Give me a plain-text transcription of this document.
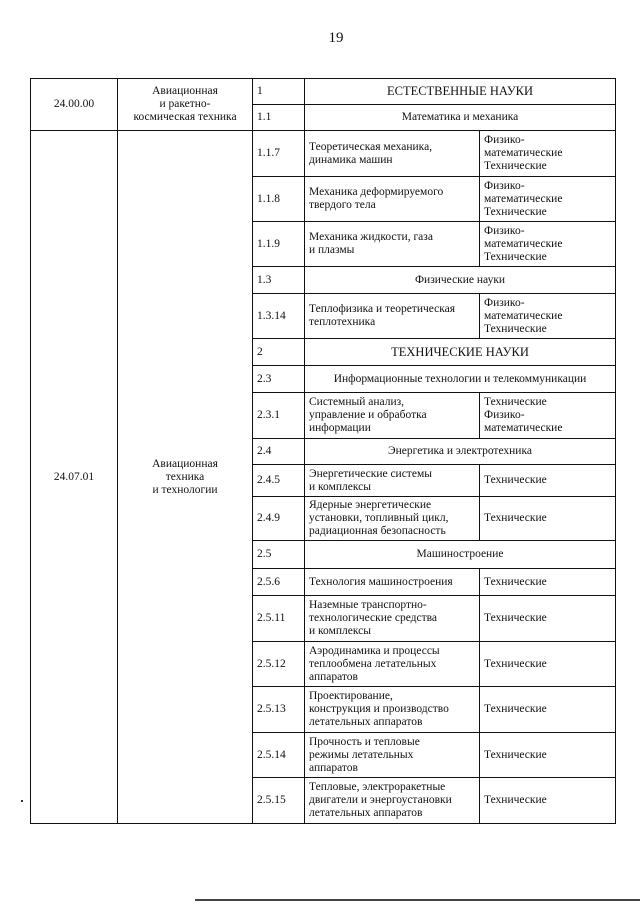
19
24.00.00	Авиационная
и ракетно-
космическая техника	1	ЕСТЕСТВЕННЫЕ НАУКИ	
		1.1	Математика и механика	
24.07.01	Авиационная
техника
и технологии	1.1.7	Теоретическая механика,
динамика машин	Физико-
математические
Технические
		1.1.8	Механика деформируемого
твердого тела	Физико-
математические
Технические
		1.1.9	Механика жидкости, газа
и плазмы	Физико-
математические
Технические
		1.3	Физические науки	
		1.3.14	Теплофизика и теоретическая
теплотехника	Физико-
математические
Технические
		2	ТЕХНИЧЕСКИЕ НАУКИ	
		2.3	Информационные технологии и телекоммуникации	
		2.3.1	Системный анализ,
управление и обработка
информации	Технические
Физико-
математические
		2.4	Энергетика и электротехника	
		2.4.5	Энергетические системы
и комплексы	Технические
		2.4.9	Ядерные энергетические
установки, топливный цикл,
радиационная безопасность	Технические
		2.5	Машиностроение	
		2.5.6	Технология машиностроения	Технические
		2.5.11	Наземные транспортно-
технологические средства
и комплексы	Технические
		2.5.12	Аэродинамика и процессы
теплообмена летательных
аппаратов	Технические
		2.5.13	Проектирование,
конструкция и производство
летательных аппаратов	Технические
		2.5.14	Прочность и тепловые
режимы летательных
аппаратов	Технические
		2.5.15	Тепловые, электроракетные
двигатели и энергоустановки
летательных аппаратов	Технические
